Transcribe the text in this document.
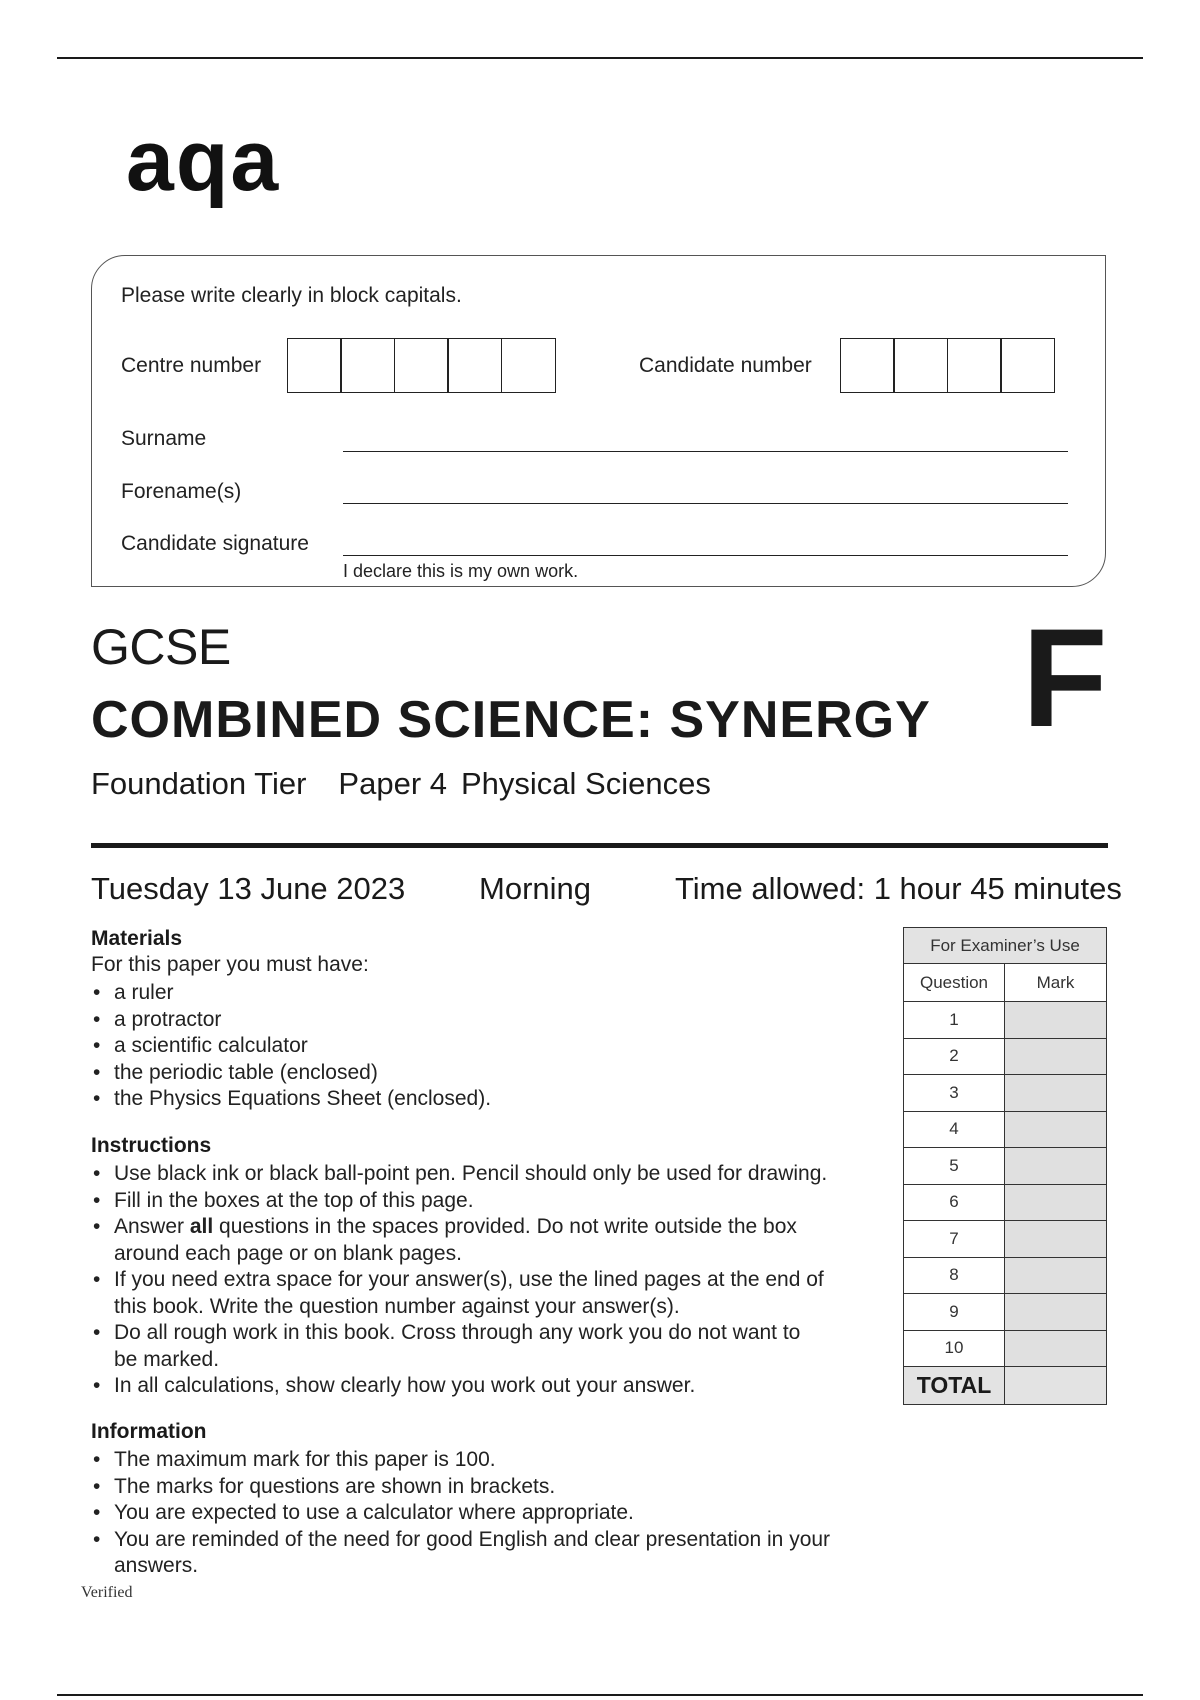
aqa
Please write clearly in block capitals.
Centre number	Candidate number
Surname
Forename(s)
Candidate signature
I declare this is my own work.
GCSE
COMBINED SCIENCE: SYNERGY
Foundation Tier Paper 4 Physical Sciences
F
Tuesday 13 June 2023 Morning	Time allowed: 1 hour 45 minutes
Materials
For this paper you must have:
• a ruler
• a protractor
• a scientific calculator
• the periodic table (enclosed)
• the Physics Equations Sheet (enclosed).
Instructions
• Use black ink or black ball-point pen. Pencil should only be used for drawing.
• Fill in the boxes at the top of this page.
• Answer all questions in the spaces provided. Do not write outside the box around each page or on blank pages.
• If you need extra space for your answer(s), use the lined pages at the end of this book. Write the question number against your answer(s).
• Do all rough work in this book. Cross through any work you do not want to be marked.
• In all calculations, show clearly how you work out your answer.
Information
• The maximum mark for this paper is 100.
• The marks for questions are shown in brackets.
• You are expected to use a calculator where appropriate.
• You are reminded of the need for good English and clear presentation in your answers.
For Examiner’s Use	
Question	Mark
1	
2	
3	
4	
5	
6	
7	
8	
9	
10	
TOTAL	
Verified
